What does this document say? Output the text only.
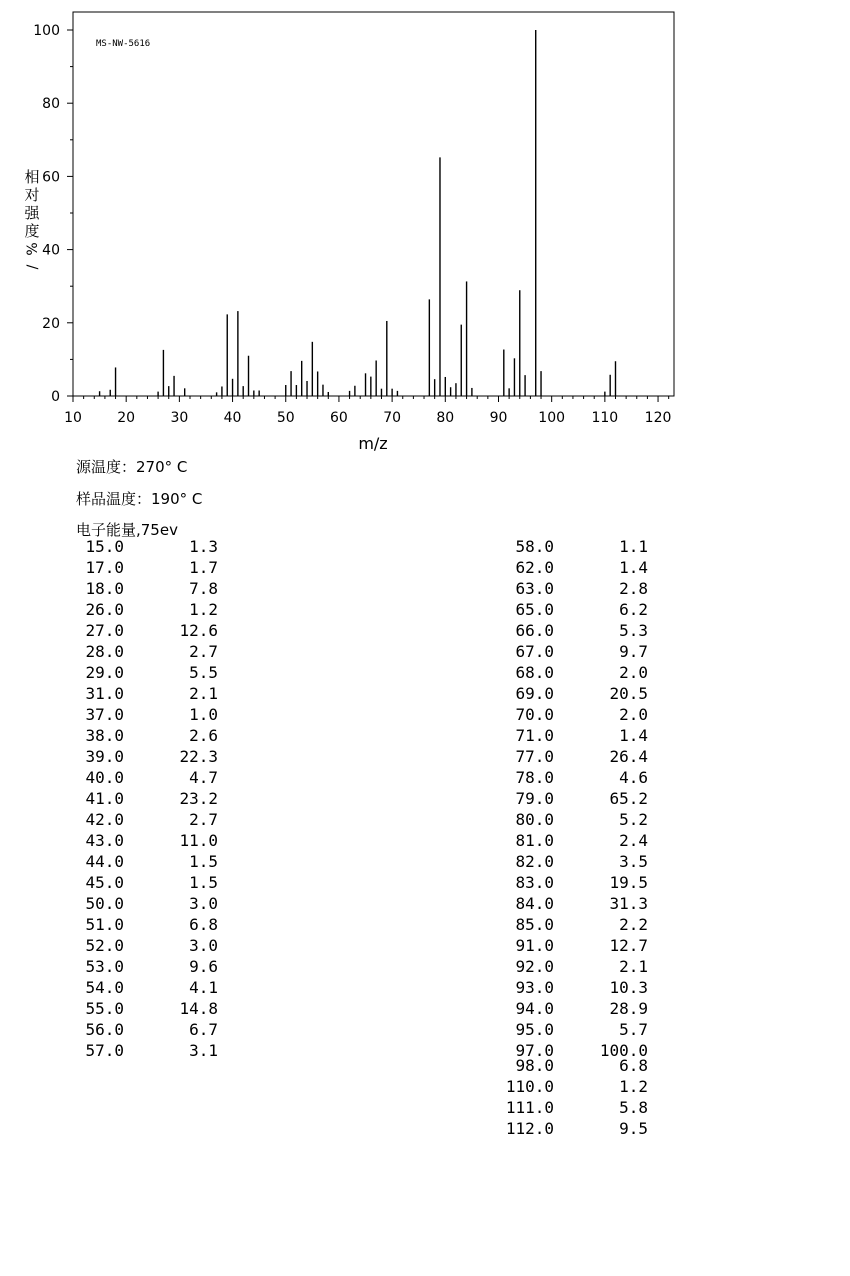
MS-NW-5616
相
对
强
度
%
/
m/z
10	20	30	40	50	60	70	80	90 100 110 120
0
20
40
60
80
100
源温度：270° C
样品温度：190° C
电子能量,75ev
15.0	1.3
17.0	1.7
18.0	7.8
26.0	1.2
27.0	12.6
28.0	2.7
29.0	5.5
31.0	2.1
37.0	1.0
38.0	2.6
39.0	22.3
40.0	4.7
41.0	23.2
42.0	2.7
43.0	11.0
44.0	1.5
45.0	1.5
50.0	3.0
51.0	6.8
52.0	3.0
53.0	9.6
54.0	4.1
55.0	14.8
56.0	6.7
57.0	3.1
58.0	1.1
62.0	1.4
63.0	2.8
65.0	6.2
66.0	5.3
67.0	9.7
68.0	2.0
69.0	20.5
70.0	2.0
71.0	1.4
77.0	26.4
78.0	4.6
79.0	65.2
80.0	5.2
81.0	2.4
82.0	3.5
83.0	19.5
84.0	31.3
85.0	2.2
91.0	12.7
92.0	2.1
93.0	10.3
94.0	28.9
95.0	5.7
97.0	100.0
98.0	6.8
110.0	1.2
111.0	5.8
112.0	9.5
